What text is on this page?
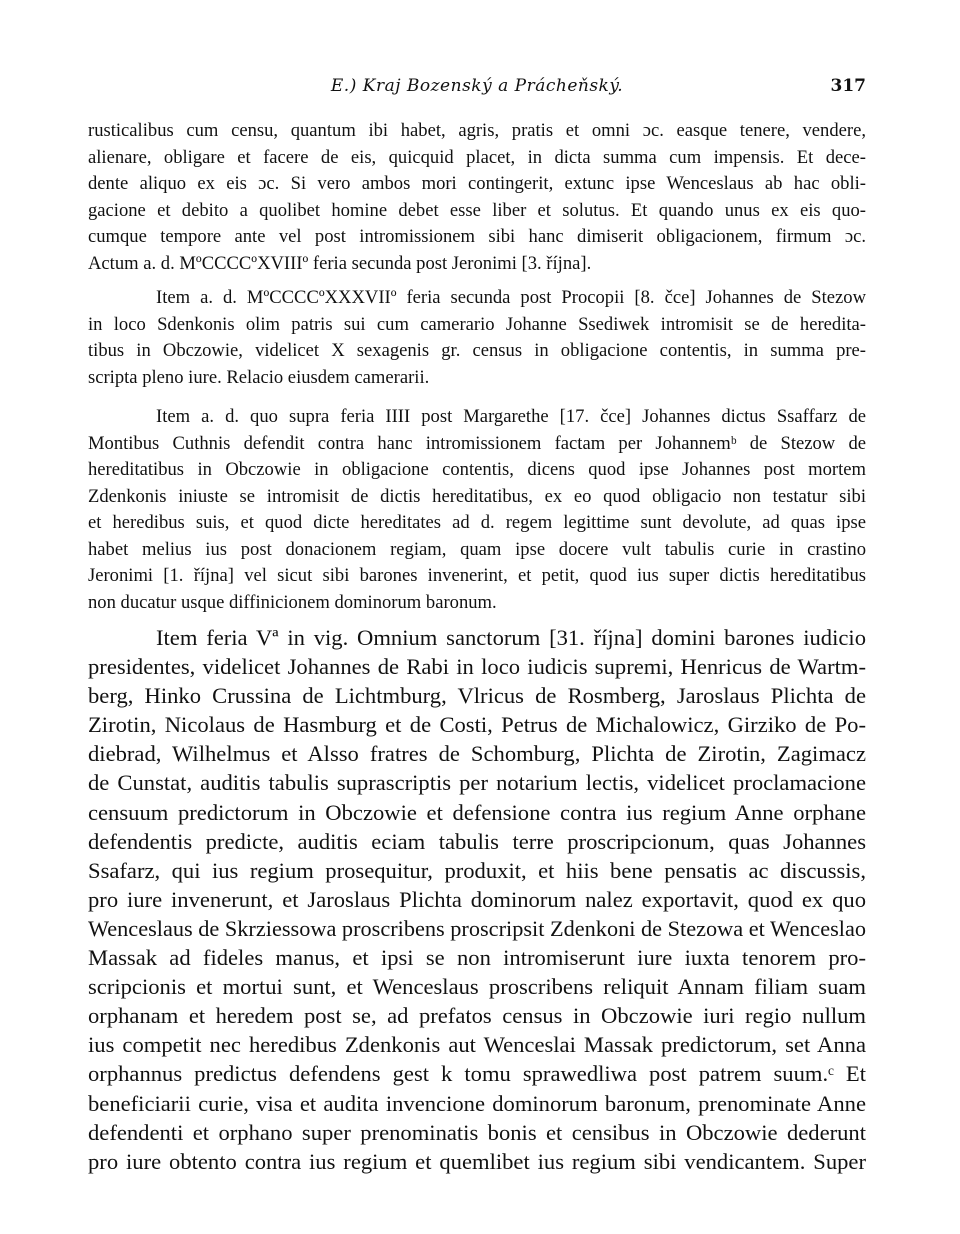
E.) Kraj Bozenský a Prácheňský.	317
rusticalibus cum censu, quantum ibi habet, agris, pratis et omni ɔc. easque tenere, vendere,
alienare, obligare et facere de eis, quicquid placet, in dicta summa cum impensis. Et dece-
dente aliquo ex eis ɔc. Si vero ambos mori contingerit, extunc ipse Wenceslaus ab hac obli-
gacione et debito a quolibet homine debet esse liber et solutus. Et quando unus ex eis quo-
cumque tempore ante vel post intromissionem sibi hanc dimiserit obligacionem, firmum ɔc.
Actum a. d. MºCCCCºXVIIIº feria secunda post Jeronimi [3. října].
Item a. d. MºCCCCºXXXVIIº feria secunda post Procopii [8. čce] Johannes de Stezow
in loco Sdenkonis olim patris sui cum camerario Johanne Ssediwek intromisit se de heredita-
tibus in Obczowie, videlicet X sexagenis gr. census in obligacione contentis, in summa pre-
scripta pleno iure. Relacio eiusdem camerarii.
Item a. d. quo supra feria IIII post Margarethe [17. čce] Johannes dictus Ssaffarz de
Montibus Cuthnis defendit contra hanc intromissionem factam per Johannemᵇ de Stezow de
hereditatibus in Obczowie in obligacione contentis, dicens quod ipse Johannes post mortem
Zdenkonis iniuste se intromisit de dictis hereditatibus, ex eo quod obligacio non testatur sibi
et heredibus suis, et quod dicte hereditates ad d. regem legittime sunt devolute, ad quas ipse
habet melius ius post donacionem regiam, quam ipse docere vult tabulis curie in crastino
Jeronimi [1. října] vel sicut sibi barones invenerint, et petit, quod ius super dictis hereditatibus
non ducatur usque diffinicionem dominorum baronum.
Item feria Vª in vig. Omnium sanctorum [31. října] domini barones iudicio
presidentes, videlicet Johannes de Rabi in loco iudicis supremi, Henricus de Wartm-
berg, Hinko Crussina de Lichtmburg, Vlricus de Rosmberg, Jaroslaus Plichta de
Zirotin, Nicolaus de Hasmburg et de Costi, Petrus de Michalowicz, Girziko de Po-
diebrad, Wilhelmus et Alsso fratres de Schomburg, Plichta de Zirotin, Zagimacz
de Cunstat, auditis tabulis suprascriptis per notarium lectis, videlicet proclamacione
censuum predictorum in Obczowie et defensione contra ius regium Anne orphane
defendentis predicte, auditis eciam tabulis terre proscripcionum, quas Johannes
Ssafarz, qui ius regium prosequitur, produxit, et hiis bene pensatis ac discussis,
pro iure invenerunt, et Jaroslaus Plichta dominorum nalez exportavit, quod ex quo
Wenceslaus de Skrziessowa proscribens proscripsit Zdenkoni de Stezowa et Wenceslao
Massak ad fideles manus, et ipsi se non intromiserunt iure iuxta tenorem pro-
scripcionis et mortui sunt, et Wenceslaus proscribens reliquit Annam filiam suam
orphanam et heredem post se, ad prefatos census in Obczowie iuri regio nullum
ius competit nec heredibus Zdenkonis aut Wenceslai Massak predictorum, set Anna
orphannus predictus defendens gest k tomu sprawedliwa post patrem suum.ᶜ Et
beneficiarii curie, visa et audita invencione dominorum baronum, prenominate Anne
defendenti et orphano super prenominatis bonis et censibus in Obczowie dederunt
pro iure obtento contra ius regium et quemlibet ius regium sibi vendicantem. Super
